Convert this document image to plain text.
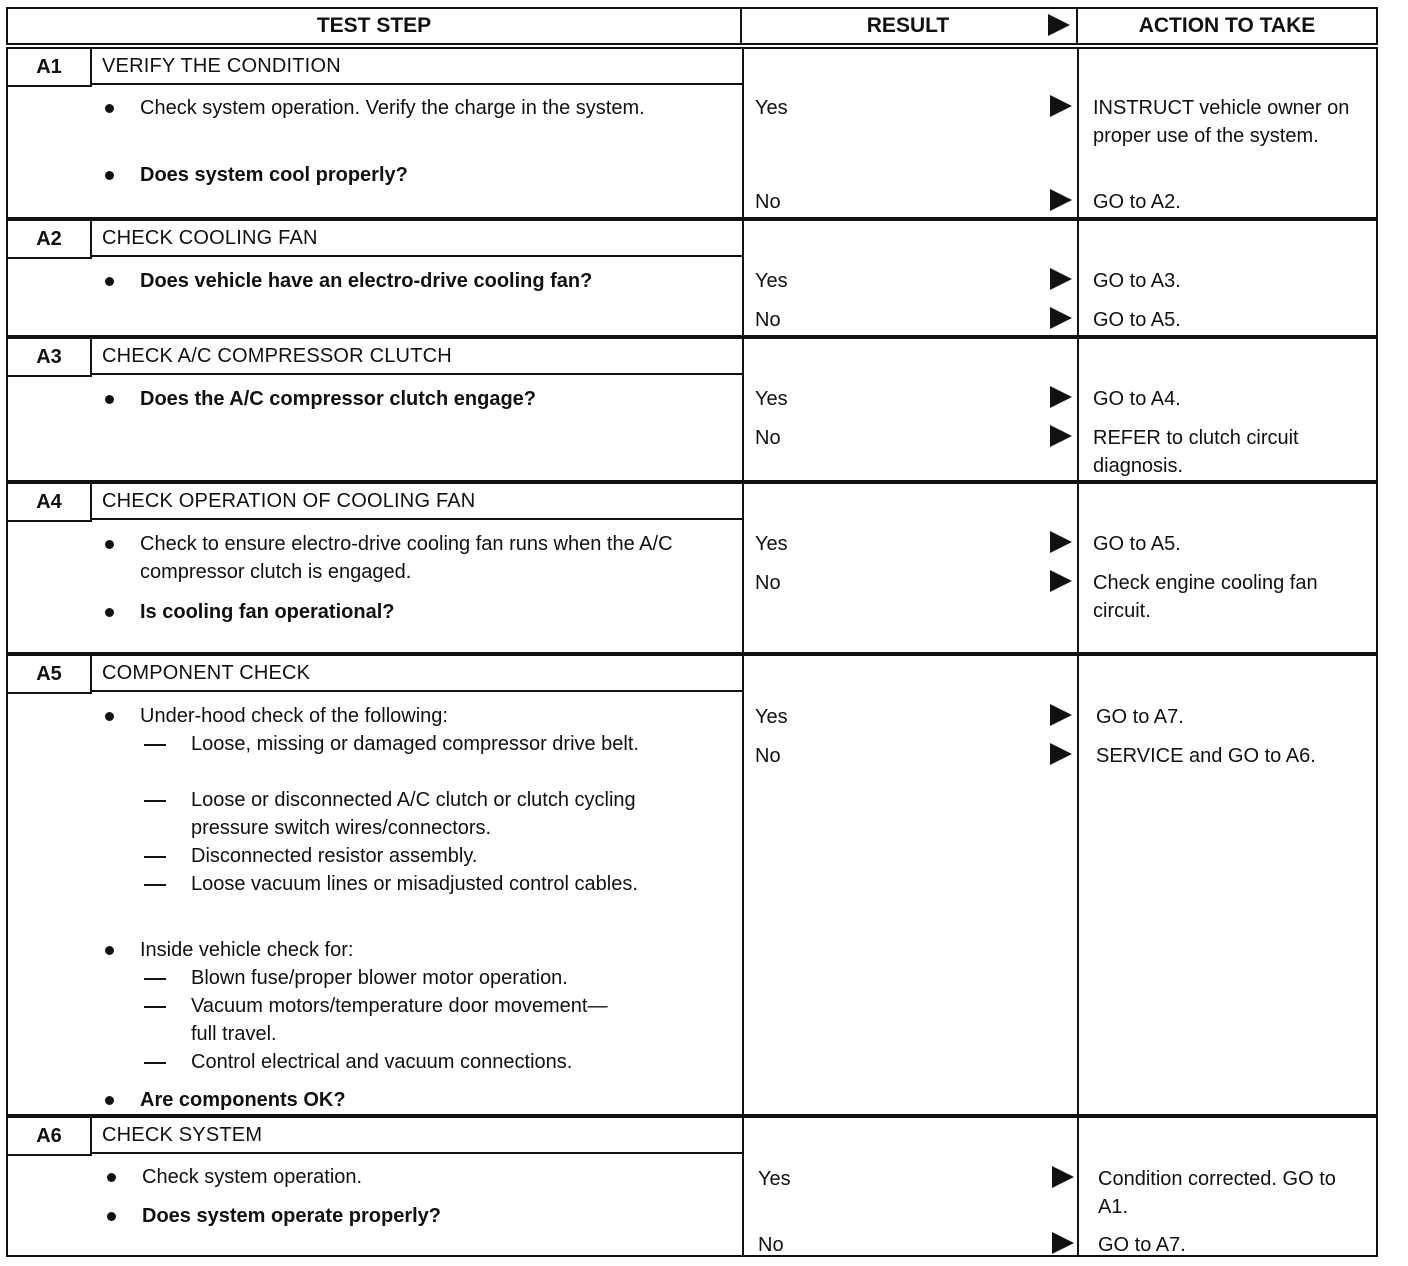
TEST STEP	RESULT	ACTION TO TAKE
A1	VERIFY THE CONDITION
Check system operation. Verify the charge in the system.
Does system cool properly?
Yes	INSTRUCT vehicle owner on proper use of the system.
No	GO to A2.
A2	CHECK COOLING FAN
Does vehicle have an electro-drive cooling fan?	Yes	GO to A3.
No	GO to A5.
A3	CHECK A/C COMPRESSOR CLUTCH
Does the A/C compressor clutch engage?	Yes	GO to A4.
No	REFER to clutch circuit diagnosis.
A4	CHECK OPERATION OF COOLING FAN
Check to ensure electro-drive cooling fan runs when the A/C compressor clutch is engaged.
Is cooling fan operational?
Yes	GO to A5.
No	Check engine cooling fan circuit.
A5	COMPONENT CHECK
Under-hood check of the following:
Loose, missing or damaged compressor drive belt.
Loose or disconnected A/C clutch or clutch cycling pressure switch wires/connectors.
Disconnected resistor assembly.
Loose vacuum lines or misadjusted control cables.
Inside vehicle check for:
Blown fuse/proper blower motor operation.
Vacuum motors/temperature door movement—full travel.
Control electrical and vacuum connections.
Are components OK?
Yes	GO to A7.
No	SERVICE and GO to A6.
A6	CHECK SYSTEM
Check system operation.
Does system operate properly?
Yes	Condition corrected. GO to A1.
No	GO to A7.
